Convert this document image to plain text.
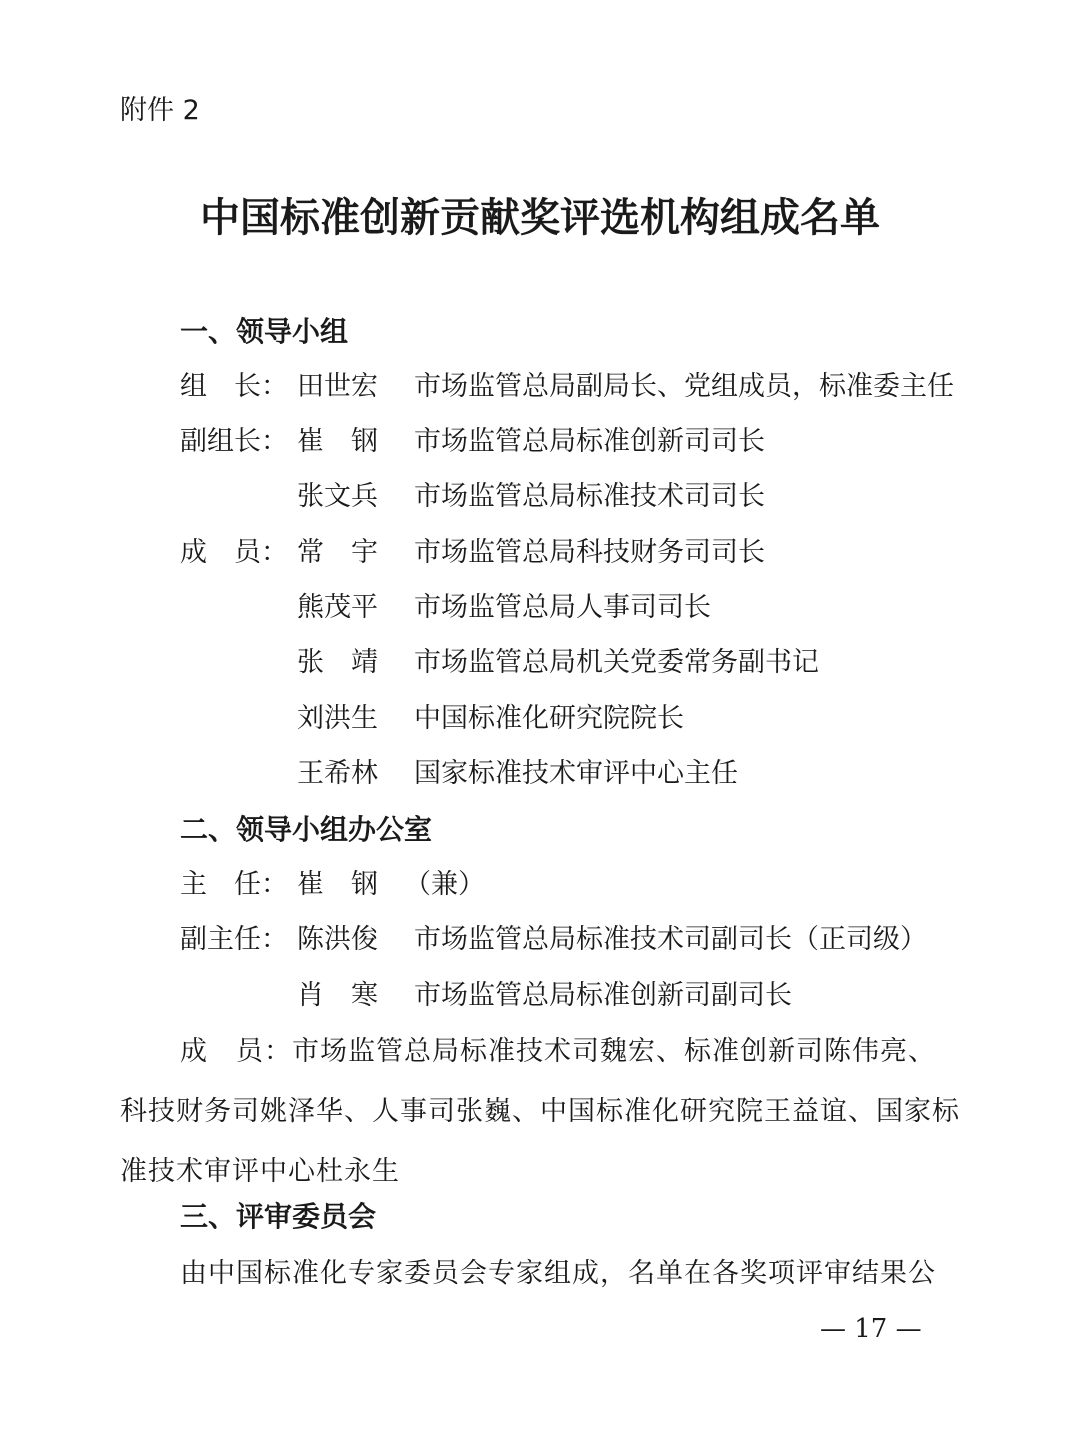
附件 2
中国标准创新贡献奖评选机构组成名单
一、领导小组
组　长： 田世宏	市场监管总局副局长、党组成员，标准委主任
副组长： 崔　钢	市场监管总局标准创新司司长
张文兵	市场监管总局标准技术司司长
成　员： 常　宇	市场监管总局科技财务司司长
熊茂平	市场监管总局人事司司长
张　靖	市场监管总局机关党委常务副书记
刘洪生	中国标准化研究院院长
王希林	国家标准技术审评中心主任
二、领导小组办公室
主　任： 崔　钢 （兼）
副主任： 陈洪俊	市场监管总局标准技术司副司长（正司级）
肖　寒	市场监管总局标准创新司副司长
成　员：市场监管总局标准技术司魏宏、标准创新司陈伟亮、科技财务司姚泽华、人事司张巍、中国标准化研究院王益谊、国家标准技术审评中心杜永生
三、评审委员会
由中国标准化专家委员会专家组成，名单在各奖项评审结果公
— 17 —
